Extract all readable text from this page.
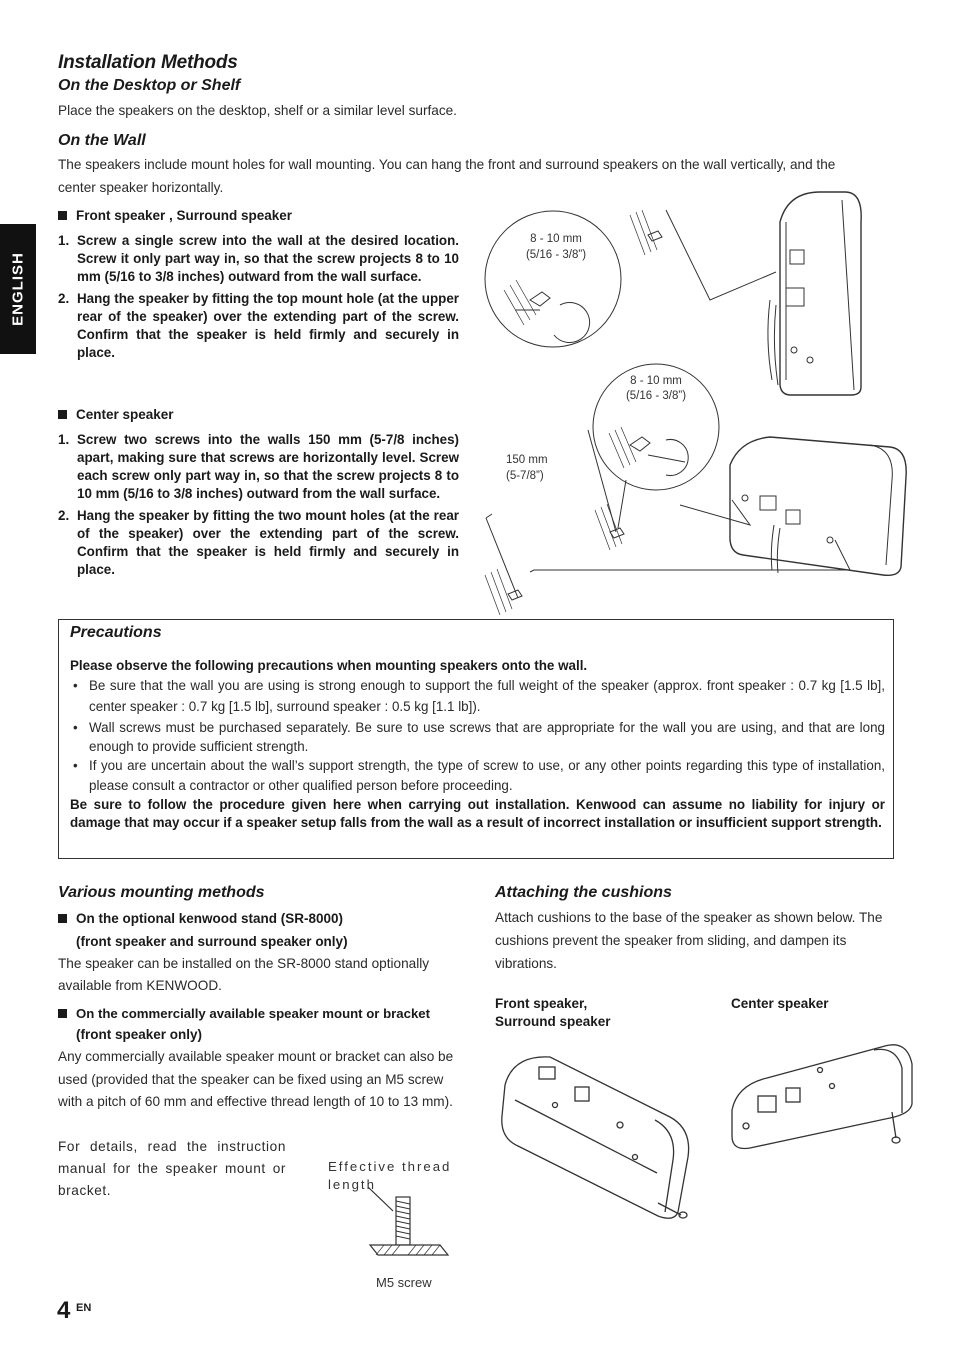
ENGLISH
Installation Methods
On the Desktop or Shelf
Place the speakers on the desktop, shelf or a similar level surface.
On the Wall
The speakers include mount holes for wall mounting. You can hang the front and surround speakers on the wall vertically, and the
center speaker horizontally.
Front speaker , Surround speaker
1. Screw a single screw into the wall at the desired location. Screw it only part way in, so that the screw projects 8 to 10 mm (5/16 to 3/8 inches) outward from the wall surface.
2. Hang the speaker by fitting the top mount hole (at the upper rear of the speaker) over the extending part of the screw. Confirm that the speaker is held firmly and securely in place.
Center speaker
1. Screw two screws into the walls 150 mm (5-7/8 inches) apart, making sure that screws are horizontally level. Screw each screw only part way in, so that the screw projects 8 to 10 mm (5/16 to 3/8 inches) outward from the wall surface.
2. Hang the speaker by fitting the two mount holes (at the rear of the speaker) over the extending part of the screw. Confirm that the speaker is held firmly and securely in place.
8 - 10 mm
(5/16 - 3/8”)
8 - 10 mm
(5/16 - 3/8”)
150 mm
(5-7/8”)
Precautions
Please observe the following precautions when mounting speakers onto the wall.
• Be sure that the wall you are using is strong enough to support the full weight of the speaker (approx. front speaker : 0.7 kg [1.5 lb], center speaker : 0.7 kg [1.5 lb], surround speaker : 0.5 kg [1.1 lb]).
• Wall screws must be purchased separately. Be sure to use screws that are appropriate for the wall you are using, and that are long enough to provide sufficient strength.
• If you are uncertain about the wall’s support strength, the type of screw to use, or any other points regarding this type of installation, please consult a contractor or other qualified person before proceeding.
Be sure to follow the procedure given here when carrying out installation. Kenwood can assume no liability for injury or damage that may occur if a speaker setup falls from the wall as a result of incorrect installation or insufficient support strength.
Various mounting methods
On the optional kenwood stand (SR-8000)
(front speaker and surround speaker only)
The speaker can be installed on the SR-8000 stand optionally available from KENWOOD.
On the commercially available speaker mount or bracket
(front speaker only)
Any commercially available speaker mount or bracket can also be used (provided that the speaker can be fixed using an M5 screw with a pitch of 60 mm and effective thread length of 10 to 13 mm).
For details, read the instruction manual for the speaker mount or bracket.
Effective thread length
M5 screw
Attaching the cushions
Attach cushions to the base of the speaker as shown below. The cushions prevent the speaker from sliding, and dampen its vibrations.
Front speaker,
Surround speaker
Center speaker
4 EN
